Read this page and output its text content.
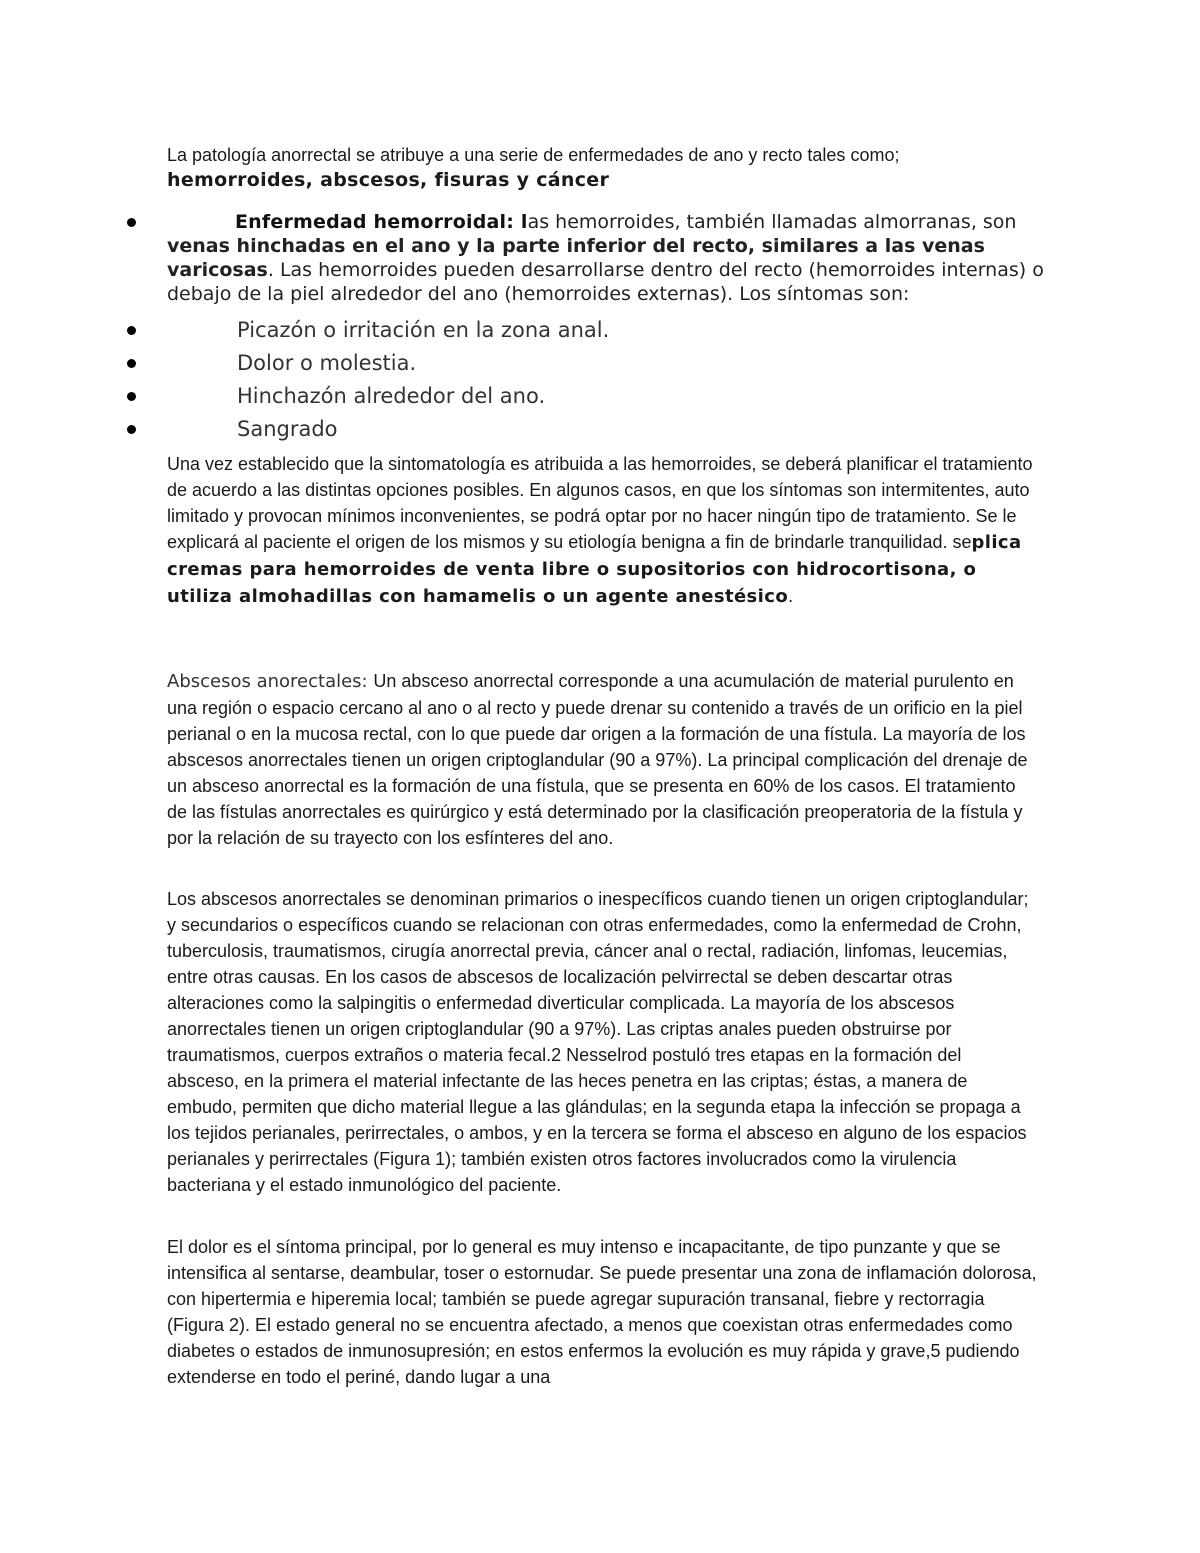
La patología anorrectal se atribuye a una serie de enfermedades de ano y recto tales como;
hemorroides, abscesos, fisuras y cáncer
Enfermedad hemorroidal: las hemorroides, también llamadas almorranas, son venas hinchadas en el ano y la parte inferior del recto, similares a las venas varicosas. Las hemorroides pueden desarrollarse dentro del recto (hemorroides internas) o debajo de la piel alrededor del ano (hemorroides externas). Los síntomas son:
Picazón o irritación en la zona anal.
Dolor o molestia.
Hinchazón alrededor del ano.
Sangrado
Una vez establecido que la sintomatología es atribuida a las hemorroides, se deberá planificar el tratamiento de acuerdo a las distintas opciones posibles. En algunos casos, en que los síntomas son intermitentes, auto limitado y provocan mínimos inconvenientes, se podrá optar por no hacer ningún tipo de tratamiento. Se le explicará al paciente el origen de los mismos y su etiología benigna a fin de brindarle tranquilidad. seplica cremas para hemorroides de venta libre o supositorios con hidrocortisona, o utiliza almohadillas con hamamelis o un agente anestésico.
Abscesos anorectales: Un absceso anorrectal corresponde a una acumulación de material purulento en una región o espacio cercano al ano o al recto y puede drenar su contenido a través de un orificio en la piel perianal o en la mucosa rectal, con lo que puede dar origen a la formación de una fístula. La mayoría de los abscesos anorrectales tienen un origen criptoglandular (90 a 97%). La principal complicación del drenaje de un absceso anorrectal es la formación de una fístula, que se presenta en 60% de los casos. El tratamiento de las fístulas anorrectales es quirúrgico y está determinado por la clasificación preoperatoria de la fístula y por la relación de su trayecto con los esfínteres del ano.
Los abscesos anorrectales se denominan primarios o inespecíficos cuando tienen un origen criptoglandular; y secundarios o específicos cuando se relacionan con otras enfermedades, como la enfermedad de Crohn, tuberculosis, traumatismos, cirugía anorrectal previa, cáncer anal o rectal, radiación, linfomas, leucemias, entre otras causas. En los casos de abscesos de localización pelvirrectal se deben descartar otras alteraciones como la salpingitis o enfermedad diverticular complicada. La mayoría de los abscesos anorrectales tienen un origen criptoglandular (90 a 97%). Las criptas anales pueden obstruirse por traumatismos, cuerpos extraños o materia fecal.2 Nesselrod postuló tres etapas en la formación del absceso, en la primera el material infectante de las heces penetra en las criptas; éstas, a manera de embudo, permiten que dicho material llegue a las glándulas; en la segunda etapa la infección se propaga a los tejidos perianales, perirrectales, o ambos, y en la tercera se forma el absceso en alguno de los espacios perianales y perirrectales (Figura 1); también existen otros factores involucrados como la virulencia bacteriana y el estado inmunológico del paciente.
El dolor es el síntoma principal, por lo general es muy intenso e incapacitante, de tipo punzante y que se intensifica al sentarse, deambular, toser o estornudar. Se puede presentar una zona de inflamación dolorosa, con hipertermia e hiperemia local; también se puede agregar supuración transanal, fiebre y rectorragia (Figura 2). El estado general no se encuentra afectado, a menos que coexistan otras enfermedades como diabetes o estados de inmunosupresión; en estos enfermos la evolución es muy rápida y grave,5 pudiendo extenderse en todo el periné, dando lugar a una
